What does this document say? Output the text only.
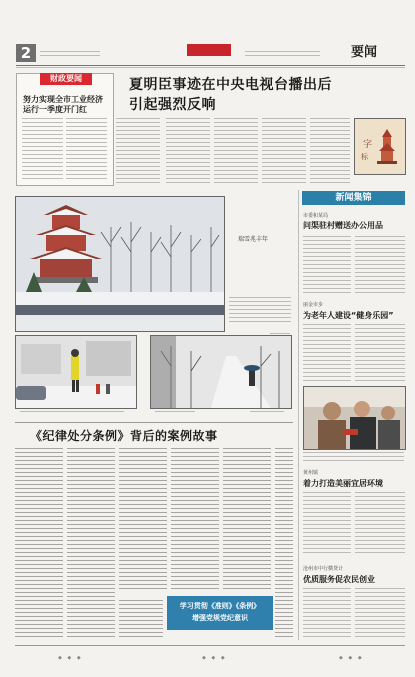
2	要闻
财政要闻
努力实现全市工业经济运行一季度开门红
夏明臣事迹在中央电视台播出后
引起强烈反响
字
标
瑞雪兆丰年
新闻集锦
市委和某局
问渠驻村赠送办公用品
丽金市步
为老年人建设“健身乐园”
黄州镇
着力打造美丽宜居环境
沧州市中行横贷计
优质服务促农民创业
《纪律处分条例》背后的案例故事
学习贯彻《准则》《条例》
增强党规党纪意识
◆ ◆ ◆	◆ ◆ ◆	◆ ◆ ◆
